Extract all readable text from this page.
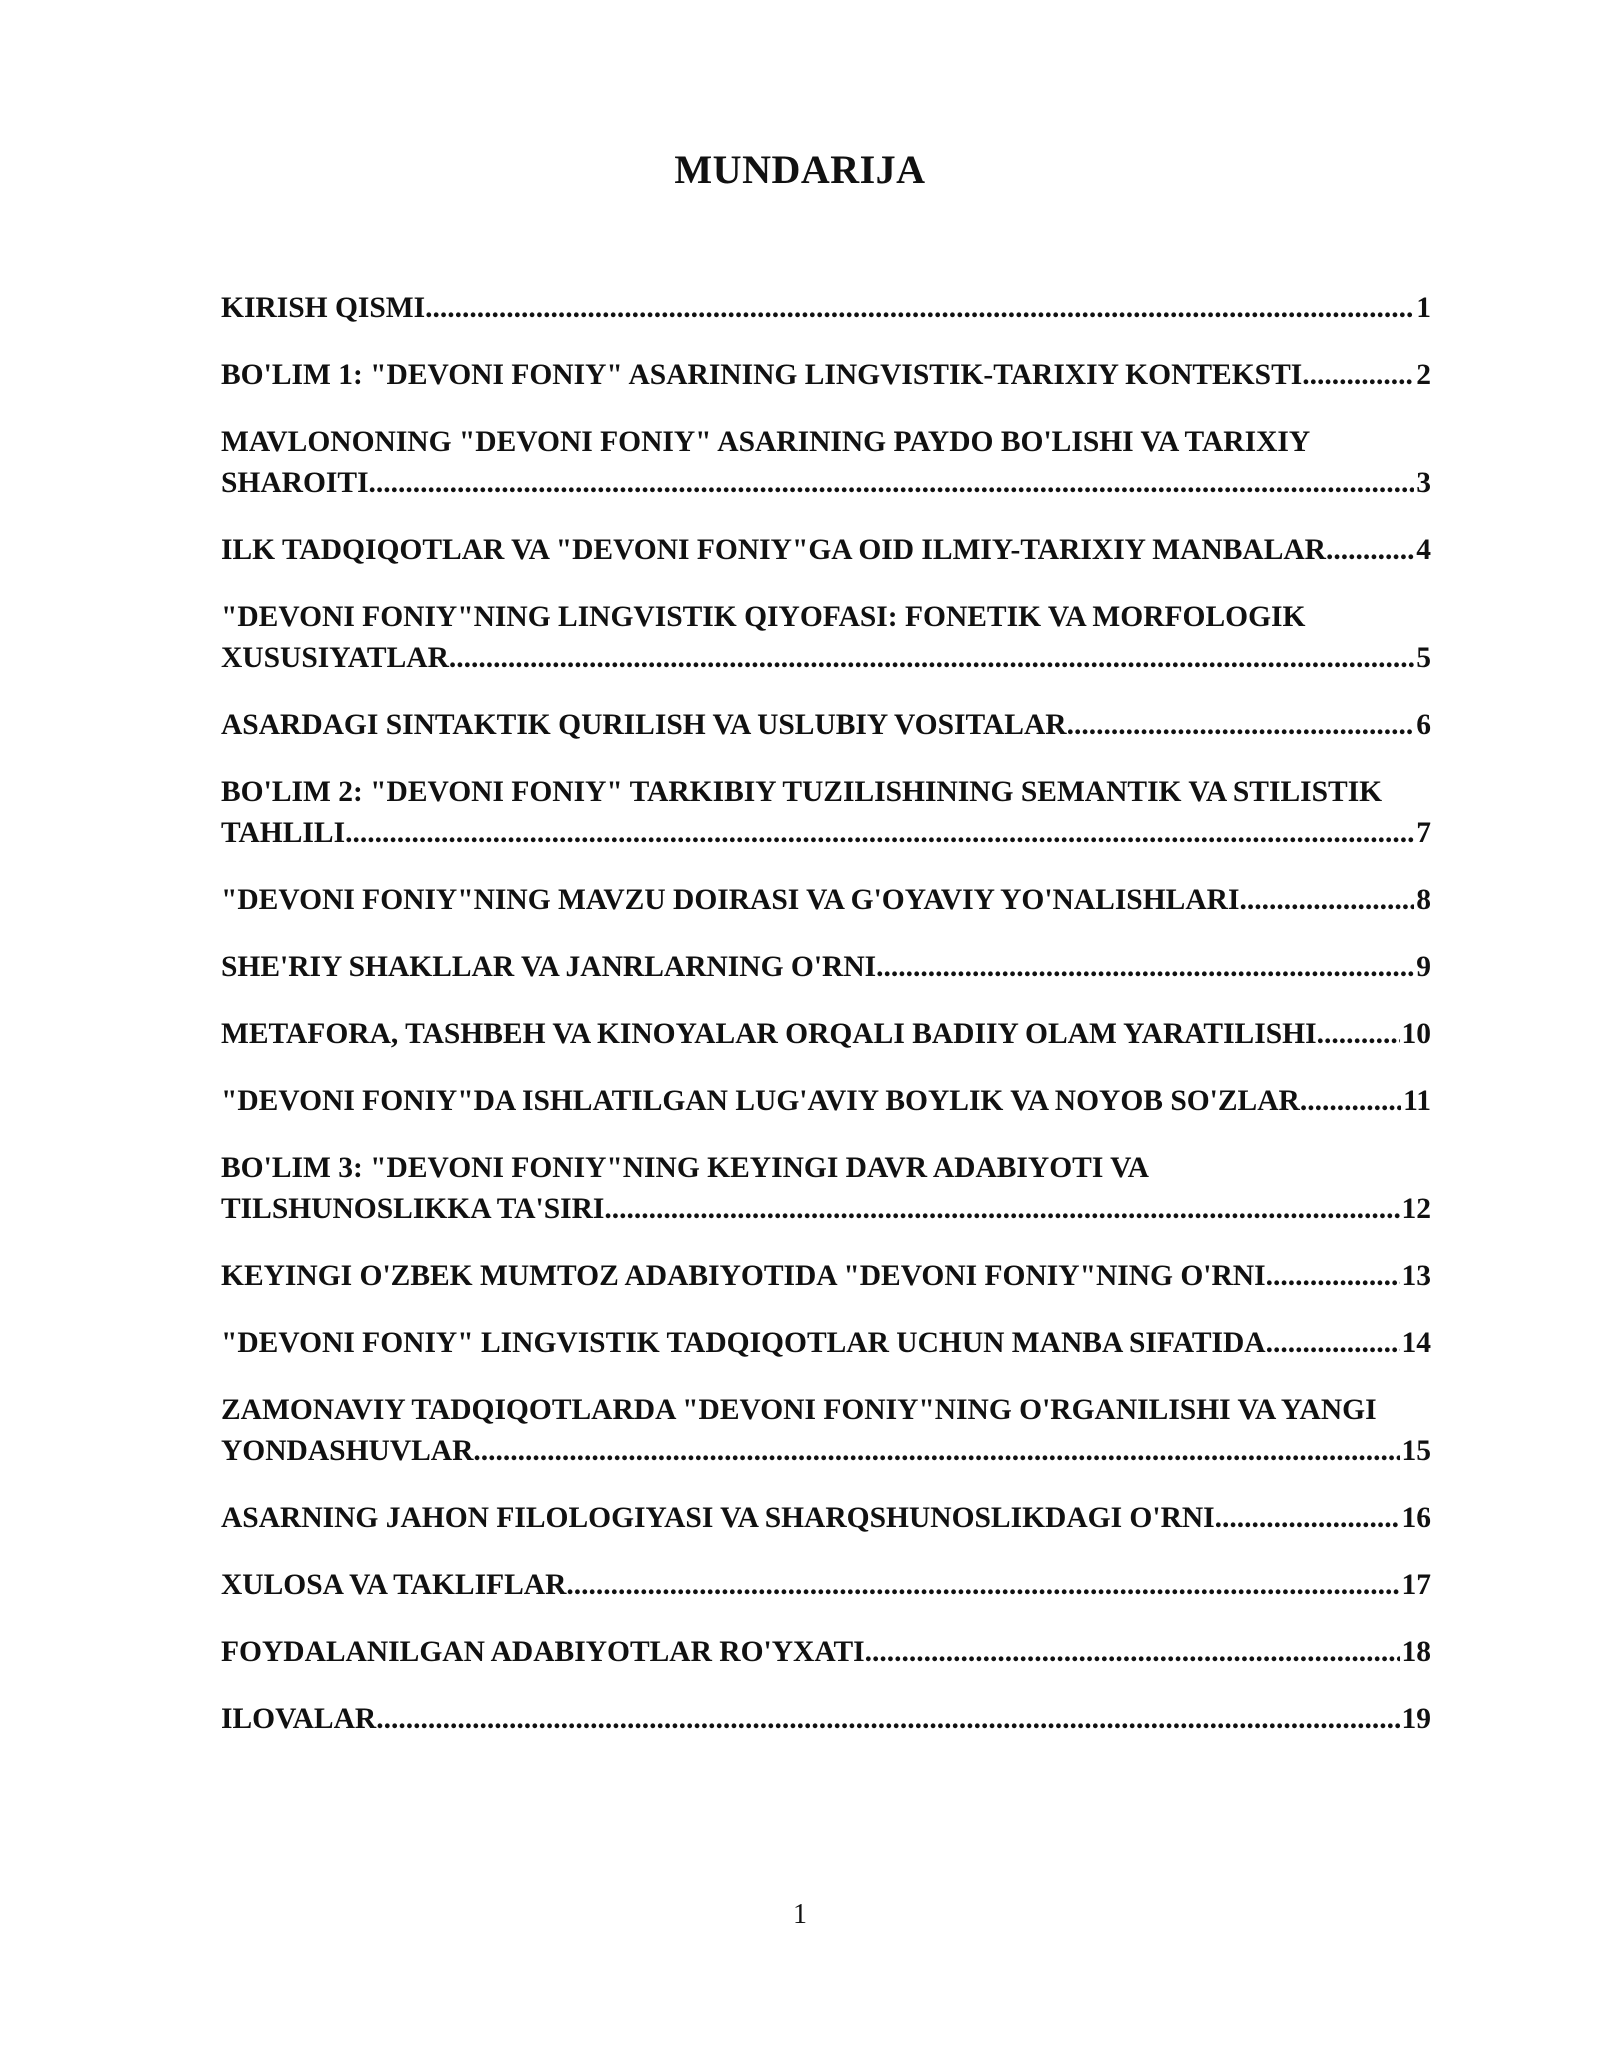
MUNDARIJA
KIRISH QISMI .....	1
BO'LIM 1: "DEVONI FONIY" ASARINING LINGVISTIK-TARIXIY KONTEKSTI .....	2
MAVLONONING "DEVONI FONIY" ASARINING PAYDO BO'LISHI VA TARIXIY
SHAROITI .....	3
ILK TADQIQOTLAR VA "DEVONI FONIY"GA OID ILMIY-TARIXIY MANBALAR. .....	4
"DEVONI FONIY"NING LINGVISTIK QIYOFASI: FONETIK VA MORFOLOGIK
XUSUSIYATLAR .....	5
ASARDAGI SINTAKTIK QURILISH VA USLUBIY VOSITALAR .....	6
BO'LIM 2: "DEVONI FONIY" TARKIBIY TUZILISHINING SEMANTIK VA STILISTIK
TAHLILI .....	7
"DEVONI FONIY"NING MAVZU DOIRASI VA G'OYAVIY YO'NALISHLARI .....	8
SHE'RIY SHAKLLAR VA JANRLARNING O'RNI .....	9
METAFORA, TASHBEH VA KINOYALAR ORQALI BADIIY OLAM YARATILISHI .....	10
"DEVONI FONIY"DA ISHLATILGAN LUG'AVIY BOYLIK VA NOYOB SO'ZLAR .....	11
BO'LIM 3: "DEVONI FONIY"NING KEYINGI DAVR ADABIYOTI VA
TILSHUNOSLIKKA TA'SIRI .....	12
KEYINGI O'ZBEK MUMTOZ ADABIYOTIDA "DEVONI FONIY"NING O'RNI .....	13
"DEVONI FONIY" LINGVISTIK TADQIQOTLAR UCHUN MANBA SIFATIDA .....	14
ZAMONAVIY TADQIQOTLARDA "DEVONI FONIY"NING O'RGANILISHI VA YANGI
YONDASHUVLAR .....	15
ASARNING JAHON FILOLOGIYASI VA SHARQSHUNOSLIKDAGI O'RNI .....	16
XULOSA VA TAKLIFLAR .....	17
FOYDALANILGAN ADABIYOTLAR RO'YXATI .....	18
ILOVALAR .....	19
1
